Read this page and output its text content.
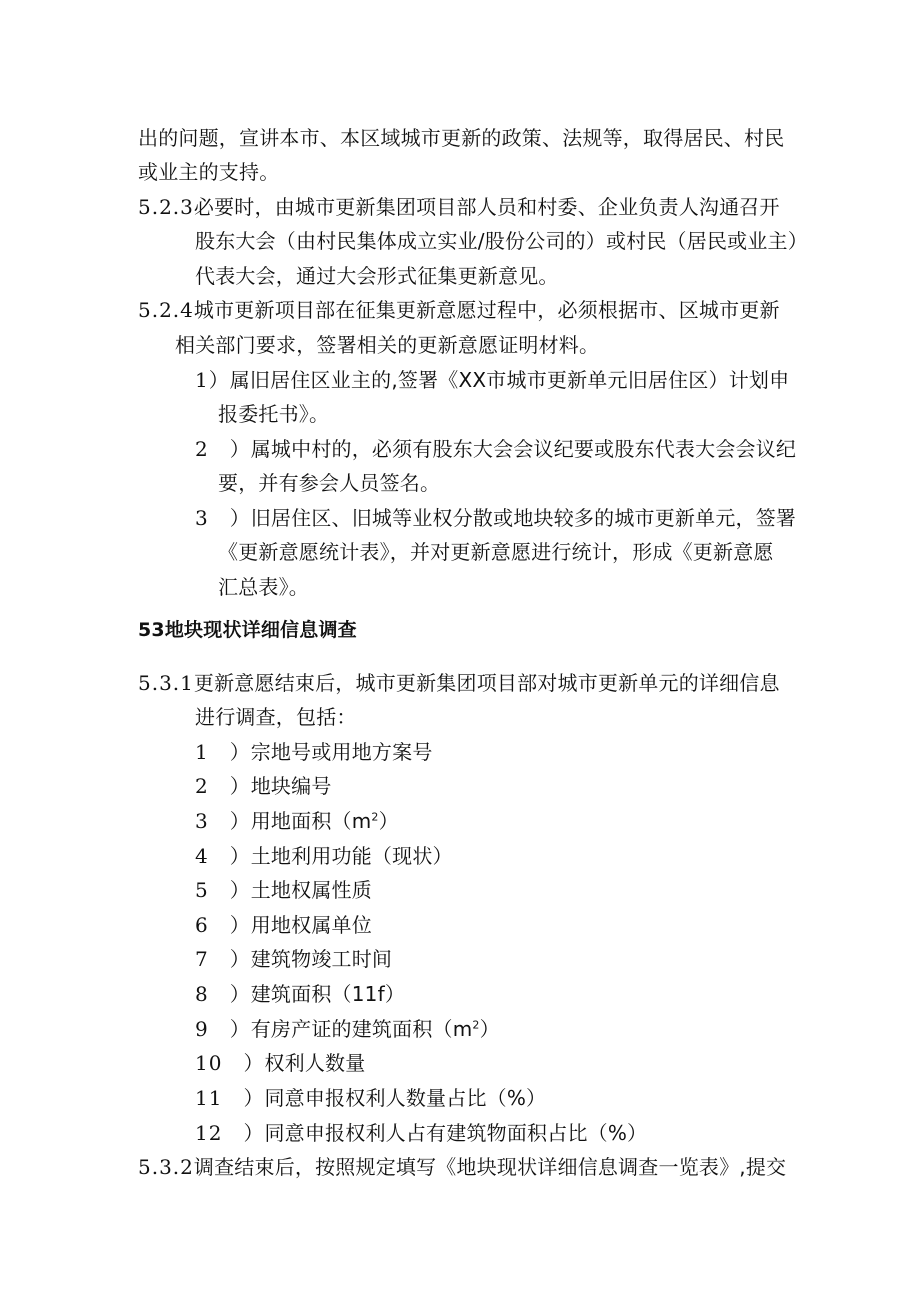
出的问题，宣讲本市、本区域城市更新的政策、法规等，取得居民、村民
或业主的支持。
5.2.3必要时，由城市更新集团项目部人员和村委、企业负责人沟通召开
股东大会（由村民集体成立实业/股份公司的）或村民（居民或业主）
代表大会，通过大会形式征集更新意见。
5.2.4城市更新项目部在征集更新意愿过程中，必须根据市、区城市更新
相关部门要求，签署相关的更新意愿证明材料。
1）属旧居住区业主的,签署《XX市城市更新单元旧居住区）计划申
报委托书》。
2　）属城中村的，必须有股东大会会议纪要或股东代表大会会议纪
要，并有参会人员签名。
3　）旧居住区、旧城等业权分散或地块较多的城市更新单元，签署
《更新意愿统计表》，并对更新意愿进行统计，形成《更新意愿
汇总表》。
53地块现状详细信息调查
5.3.1更新意愿结束后，城市更新集团项目部对城市更新单元的详细信息
进行调查，包括：
1　）宗地号或用地方案号
2　）地块编号
3　）用地面积$(m^2)$
4　）土地利用功能（现状）
5　）土地权属性质
6　）用地权属单位
7　）建筑物竣工时间
8　）建筑面积（11f）
9　）有房产证的建筑面积$(m^2)$
10　）权利人数量
11　）同意申报权利人数量占比（%）
12　）同意申报权利人占有建筑物面积占比（%）
5.3.2调查结束后，按照规定填写《地块现状详细信息调查一览表》,提交
